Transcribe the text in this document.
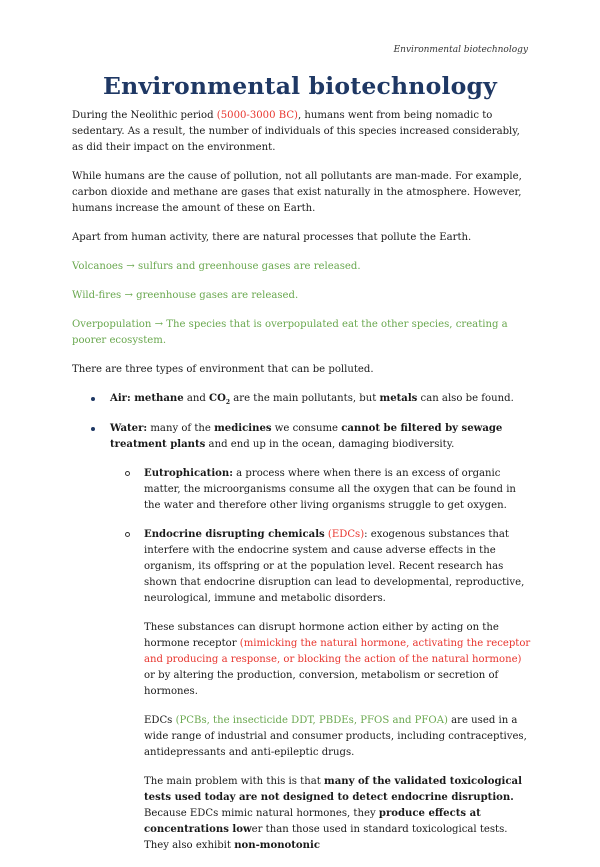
Environmental biotechnology
Environmental biotechnology

During the Neolithic period (5000-3000 BC), humans went from being nomadic to sedentary. As a result, the number of individuals of this species increased considerably, as did their impact on the environment.

While humans are the cause of pollution, not all pollutants are man-made. For example, carbon dioxide and methane are gases that exist naturally in the atmosphere. However, humans increase the amount of these on Earth.

Apart from human activity, there are natural processes that pollute the Earth.

Volcanoes → sulfurs and greenhouse gases are released.

Wild-fires → greenhouse gases are released.

Overpopulation → The species that is overpopulated eat the other species, creating a poorer ecosystem.

There are three types of environment that can be polluted.

Air: methane and $CO_2$ are the main pollutants, but metals can also be found.
Water: many of the medicines we consume cannot be filtered by sewage treatment plants and end up in the ocean, damaging biodiversity.
Eutrophication: a process where when there is an excess of organic matter, the microorganisms consume all the oxygen that can be found in the water and therefore other living organisms struggle to get oxygen.
Endocrine disrupting chemicals (EDCs): exogenous substances that interfere with the endocrine system and cause adverse effects in the organism, its offspring or at the population level. Recent research has shown that endocrine disruption can lead to developmental, reproductive, neurological, immune and metabolic disorders.

These substances can disrupt hormone action either by acting on the hormone receptor (mimicking the natural hormone, activating the receptor and producing a response, or blocking the action of the natural hormone) or by altering the production, conversion, metabolism or secretion of hormones.

EDCs (PCBs, the insecticide DDT, PBDEs, PFOS and PFOA) are used in a wide range of industrial and consumer products, including contraceptives, antidepressants and anti-epileptic drugs.

The main problem with this is that many of the validated toxicological tests used today are not designed to detect endocrine disruption. Because EDCs mimic natural hormones, they produce effects at concentrations lower than those used in standard toxicological tests. They also exhibit non-monotonic
